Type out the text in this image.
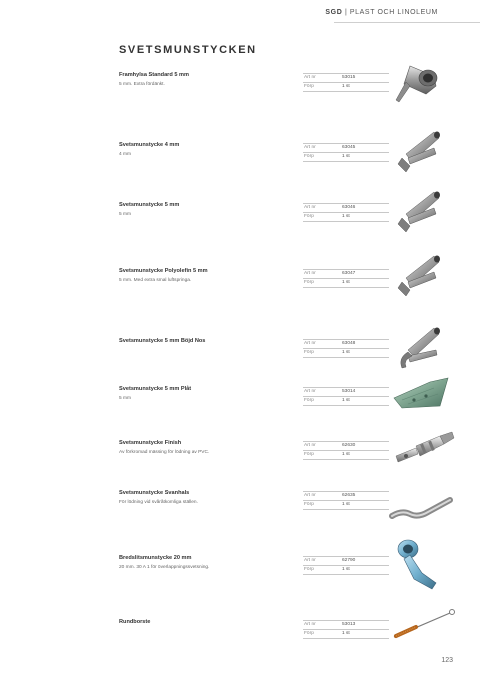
SGD | PLAST OCH LINOLEUM
SVETSMUNSTYCKEN
Framhylsa Standard 5 mm
5 mm. Extra fördänkt.
Art nr	53015
Förp	1 st
Svetsmunstycke 4 mm
4 mm
Art nr	63045
Förp	1 st
Svetsmunstycke 5 mm
5 mm
Art nr	63046
Förp	1 st
Svetsmunstycke Polyolefin 5 mm
5 mm. Med extra smal luftspringa.
Art nr	63047
Förp	1 st
Svetsmunstycke 5 mm Böjd Nos	Art nr	63048
Förp	1 st
Svetsmunstycke 5 mm Plåt
5 mm
Art nr	53014
Förp	1 st
Svetsmunstycke Finish
Av förkromad mässing för lödning av PVC.
Art nr	62630
Förp	1 st
Svetsmunstycke Svanhals
För lödning vid svåråtkomliga ställen.
Art nr	62635
Förp	1 st
Bredslitsmunstycke 20 mm
20 mm. 30 A 1 för överlappningssvetsning.
Art nr	62790
Förp	1 st
Rundborste	Art nr	53013
Förp	1 st
123
